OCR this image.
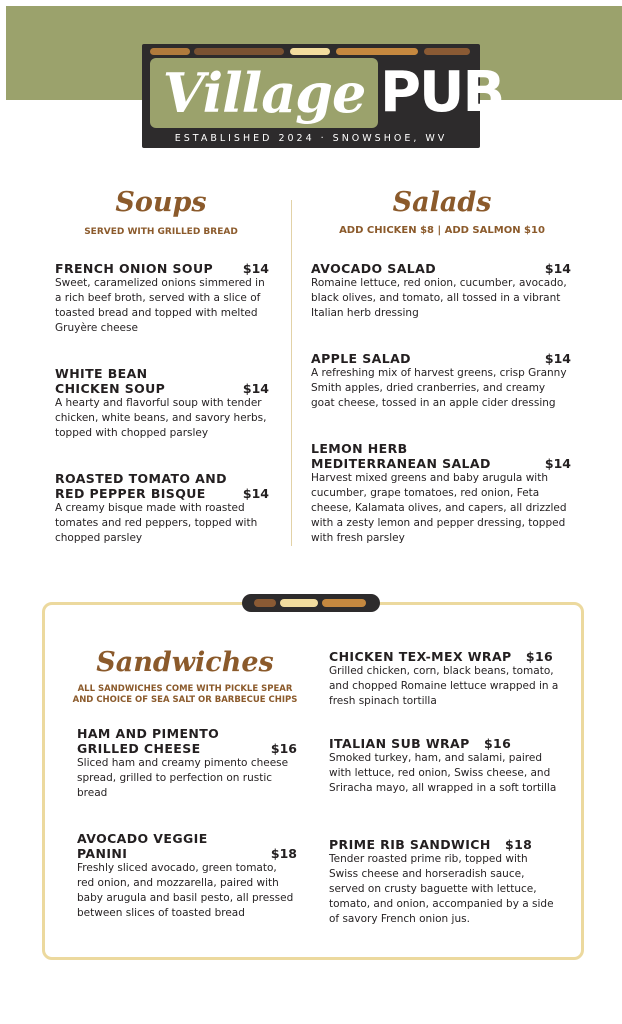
Village PUB
ESTABLISHED 2024 · SNOWSHOE, WV
Soups
SERVED WITH GRILLED BREAD
$14
FRENCH ONION SOUP
Sweet, caramelized onions simmered in a rich beef broth, served with a slice of toasted bread and topped with melted Gruyère cheese
WHITE BEAN
$14
CHICKEN SOUP
A hearty and flavorful soup with tender chicken, white beans, and savory herbs, topped with chopped parsley
ROASTED TOMATO AND
$14
RED PEPPER BISQUE
A creamy bisque made with roasted tomates and red peppers, topped with chopped parsley
Salads
ADD CHICKEN $8 | ADD SALMON $10
$14
AVOCADO SALAD
Romaine lettuce, red onion, cucumber, avocado, black olives, and tomato, all tossed in a vibrant Italian herb dressing
$14
APPLE SALAD
A refreshing mix of harvest greens, crisp Granny Smith apples, dried cranberries, and creamy goat cheese, tossed in an apple cider dressing
LEMON HERB
$14
MEDITERRANEAN SALAD
Harvest mixed greens and baby arugula with cucumber, grape tomatoes, red onion, Feta cheese, Kalamata olives, and capers, all drizzled with a zesty lemon and pepper dressing, topped with fresh parsley
Sandwiches
ALL SANDWICHES COME WITH PICKLE SPEAR
AND CHOICE OF SEA SALT OR BARBECUE CHIPS
HAM AND PIMENTO
$16
GRILLED CHEESE
Sliced ham and creamy pimento cheese spread, grilled to perfection on rustic bread
AVOCADO VEGGIE
$18
PANINI
Freshly sliced avocado, green tomato, red onion, and mozzarella, paired with baby arugula and basil pesto, all pressed between slices of toasted bread
CHICKEN TEX-MEX WRAP $16
Grilled chicken, corn, black beans, tomato, and chopped Romaine lettuce wrapped in a fresh spinach tortilla
ITALIAN SUB WRAP $16
Smoked turkey, ham, and salami, paired with lettuce, red onion, Swiss cheese, and Sriracha mayo, all wrapped in a soft tortilla
PRIME RIB SANDWICH $18
Tender roasted prime rib, topped with Swiss cheese and horseradish sauce, served on crusty baguette with lettuce, tomato, and onion, accompanied by a side of savory French onion jus.
